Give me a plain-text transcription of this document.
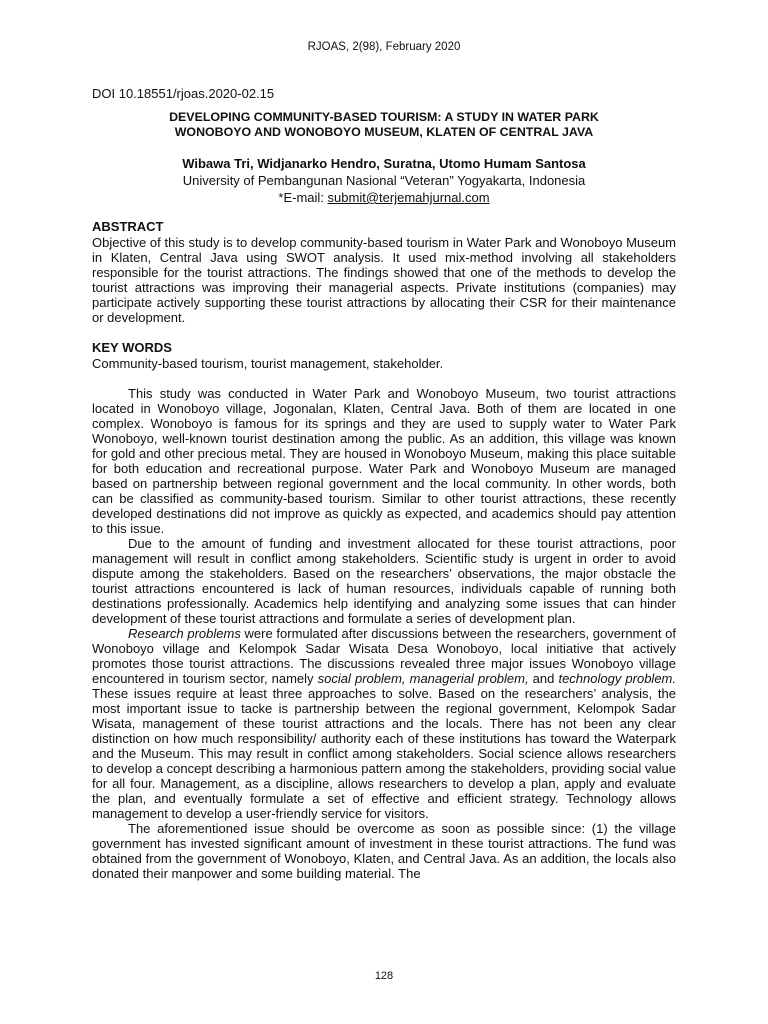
RJOAS, 2(98), February 2020

DOI 10.18551/rjoas.2020-02.15

DEVELOPING COMMUNITY-BASED TOURISM: A STUDY IN WATER PARK
WONOBOYO AND WONOBOYO MUSEUM, KLATEN OF CENTRAL JAVA
Wibawa Tri, Widjanarko Hendro, Suratna, Utomo Humam Santosa
University of Pembangunan Nasional “Veteran” Yogyakarta, Indonesia
*E-mail: submit@terjemahjurnal.com
ABSTRACT

Objective of this study is to develop community-based tourism in Water Park and Wonoboyo Museum in Klaten, Central Java using SWOT analysis. It used mix-method involving all stakeholders responsible for the tourist attractions. The findings showed that one of the methods to develop the tourist attractions was improving their managerial aspects. Private institutions (companies) may participate actively supporting these tourist attractions by allocating their CSR for their maintenance or development.

KEY WORDS

Community-based tourism, tourist management, stakeholder.

This study was conducted in Water Park and Wonoboyo Museum, two tourist attractions located in Wonoboyo village, Jogonalan, Klaten, Central Java. Both of them are located in one complex. Wonoboyo is famous for its springs and they are used to supply water to Water Park Wonoboyo, well-known tourist destination among the public. As an addition, this village was known for gold and other precious metal. They are housed in Wonoboyo Museum, making this place suitable for both education and recreational purpose. Water Park and Wonoboyo Museum are managed based on partnership between regional government and the local community. In other words, both can be classified as community-based tourism. Similar to other tourist attractions, these recently developed destinations did not improve as quickly as expected, and academics should pay attention to this issue.

Due to the amount of funding and investment allocated for these tourist attractions, poor management will result in conflict among stakeholders. Scientific study is urgent in order to avoid dispute among the stakeholders. Based on the researchers’ observations, the major obstacle the tourist attractions encountered is lack of human resources, individuals capable of running both destinations professionally. Academics help identifying and analyzing some issues that can hinder development of these tourist attractions and formulate a series of development plan.

Research problems were formulated after discussions between the researchers, government of Wonoboyo village and Kelompok Sadar Wisata Desa Wonoboyo, local initiative that actively promotes those tourist attractions. The discussions revealed three major issues Wonoboyo village encountered in tourism sector, namely social problem, managerial problem, and technology problem. These issues require at least three approaches to solve. Based on the researchers’ analysis, the most important issue to tacke is partnership between the regional government, Kelompok Sadar Wisata, management of these tourist attractions and the locals. There has not been any clear distinction on how much responsibility/ authority each of these institutions has toward the Waterpark and the Museum. This may result in conflict among stakeholders. Social science allows researchers to develop a concept describing a harmonious pattern among the stakeholders, providing social value for all four. Management, as a discipline, allows researchers to develop a plan, apply and evaluate the plan, and eventually formulate a set of effective and efficient strategy. Technology allows management to develop a user-friendly service for visitors.

The aforementioned issue should be overcome as soon as possible since: (1) the village government has invested significant amount of investment in these tourist attractions. The fund was obtained from the government of Wonoboyo, Klaten, and Central Java. As an addition, the locals also donated their manpower and some building material. The

128
